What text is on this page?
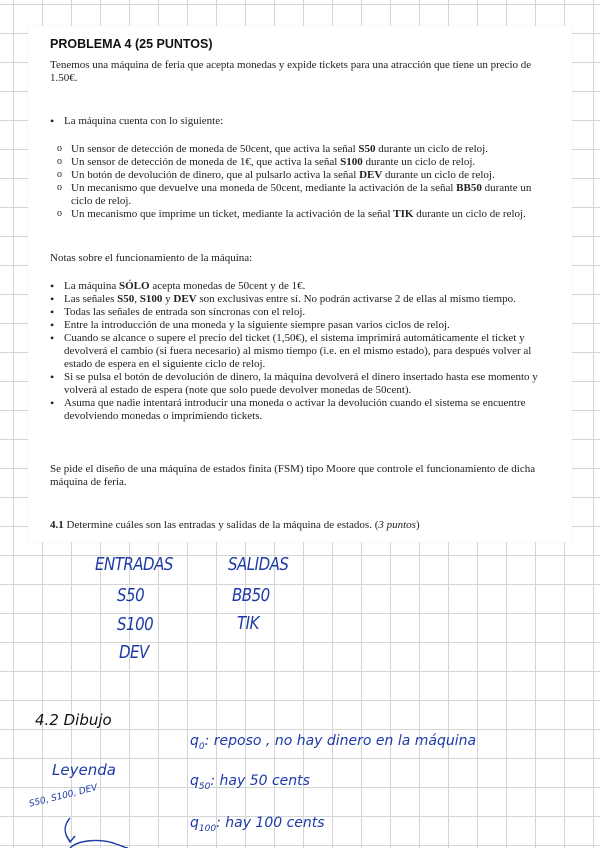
PROBLEMA 4 (25 PUNTOS)

Tenemos una máquina de feria que acepta monedas y expide tickets para una atracción que tiene un precio de 1.50€.

• La máquina cuenta con lo siguiente:
o Un sensor de detección de moneda de 50cent, que activa la señal S50 durante un ciclo de reloj.
o Un sensor de detección de moneda de 1€, que activa la señal S100 durante un ciclo de reloj.
o Un botón de devolución de dinero, que al pulsarlo activa la señal DEV durante un ciclo de reloj.
o Un mecanismo que devuelve una moneda de 50cent, mediante la activación de la señal BB50 durante un ciclo de reloj.
o Un mecanismo que imprime un ticket, mediante la activación de la señal TIK durante un ciclo de reloj.

Notas sobre el funcionamiento de la máquina:

• La máquina SÓLO acepta monedas de 50cent y de 1€.
• Las señales S50, S100 y DEV son exclusivas entre sí. No podrán activarse 2 de ellas al mismo tiempo.
• Todas las señales de entrada son síncronas con el reloj.
• Entre la introducción de una moneda y la siguiente siempre pasan varios ciclos de reloj.
• Cuando se alcance o supere el precio del ticket (1,50€), el sistema imprimirá automáticamente el ticket y devolverá el cambio (si fuera necesario) al mismo tiempo (i.e. en el mismo estado), para después volver al estado de espera en el siguiente ciclo de reloj.
• Si se pulsa el botón de devolución de dinero, la máquina devolverá el dinero insertado hasta ese momento y volverá al estado de espera (note que solo puede devolver monedas de 50cent).
• Asuma que nadie intentará introducir una moneda o activar la devolución cuando el sistema se encuentre devolviendo monedas o imprimiendo tickets.

Se pide el diseño de una máquina de estados finita (FSM) tipo Moore que controle el funcionamiento de dicha máquina de feria.

4.1 Determine cuáles son las entradas y salidas de la máquina de estados. (3 puntos)

ENTRADAS	SALIDAS
S50
S100
DEV
BB50
TIK
4.2 Dibujo
Leyenda
$q_0$: reposo , no hay dinero en la máquina
$q_{50}$: hay 50 cents
$q_{100}$: hay 100 cents
S50, S100, DEV
